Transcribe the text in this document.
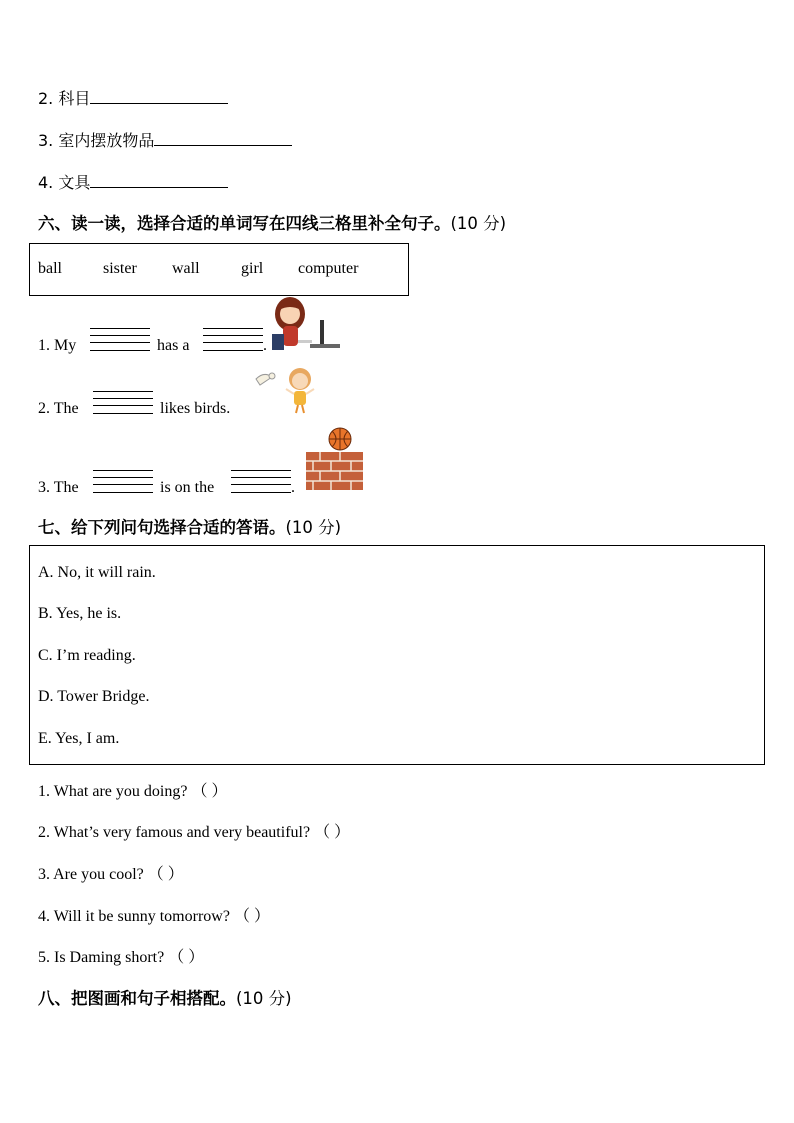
2. 科目
3. 室内摆放物品
4. 文具
六、读一读，选择合适的单词写在四线三格里补全句子。(10 分)
ball	sister wall	girl computer
1. My	has a	.
2. The	likes birds.
3. The	is on the	.
七、给下列问句选择合适的答语。(10 分)
A. No, it will rain.
B. Yes, he is.
C. I’m reading.
D. Tower Bridge.
E. Yes, I am.
1. What are you doing? （ ）
2. What’s very famous and very beautiful? （ ）
3. Are you cool? （ ）
4. Will it be sunny tomorrow? （ ）
5. Is Daming short? （ ）
八、把图画和句子相搭配。(10 分)
